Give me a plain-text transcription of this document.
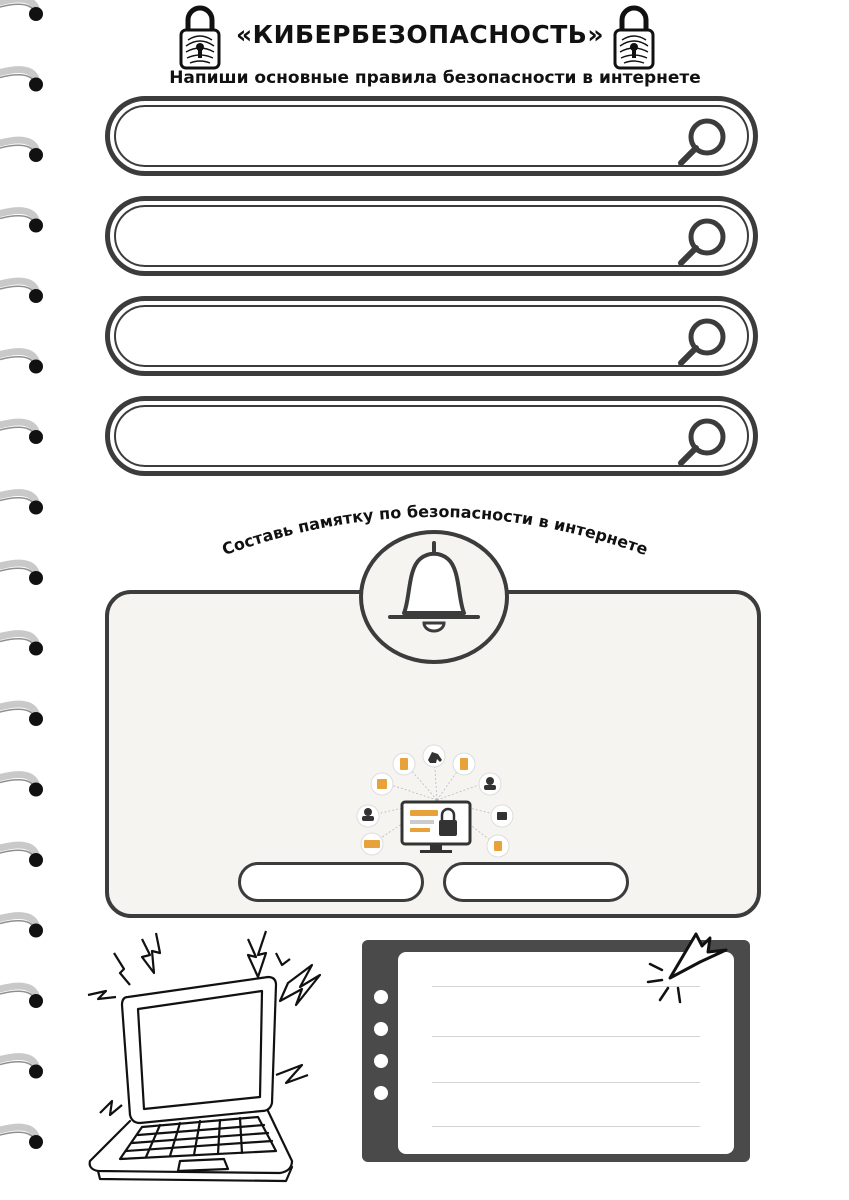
«КИБЕРБЕЗОПАСНОСТЬ»
Напиши основные правила безопасности в интернете
Составь памятку по безопасности в интернете
